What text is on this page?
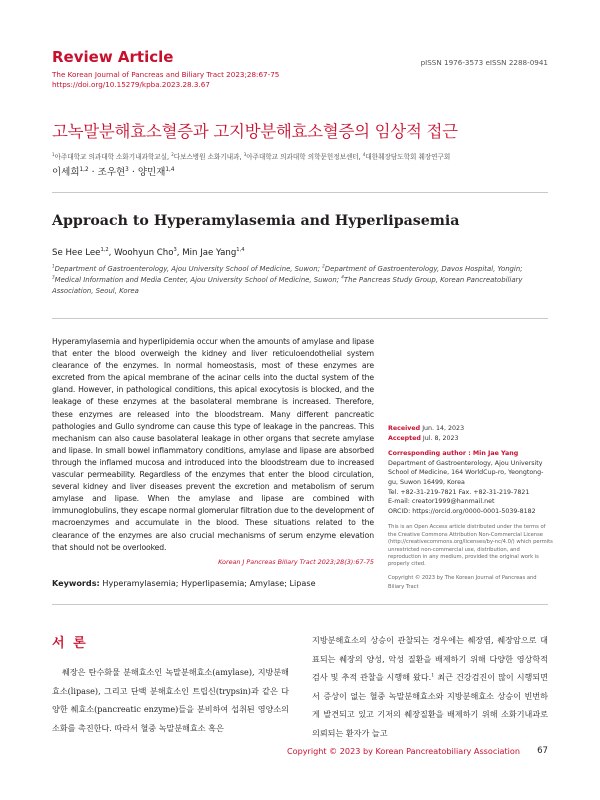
Review Article
The Korean Journal of Pancreas and Biliary Tract 2023;28:67-75
https://doi.org/10.15279/kpba.2023.28.3.67
pISSN 1976-3573 eISSN 2288-0941
고녹말분해효소혈증과 고지방분해효소혈증의 임상적 접근
$^1$아주대학교 의과대학 소화기내과학교실, $^2$다보스병원 소화기내과, $^3$아주대학교 의과대학 의학문헌정보센터, $^4$대한췌장담도학회 췌장연구회
이세희$^{1,2}$ · 조우현$^3$ · 양민재$^{1,4}$
Approach to Hyperamylasemia and Hyperlipasemia
Se Hee Lee$^{1,2}$, Woohyun Cho$^3$, Min Jae Yang$^{1,4}$
$^1$Department of Gastroenterology, Ajou University School of Medicine, Suwon; $^2$Department of Gastroenterology, Davos Hospital, Yongin; $^3$Medical Information and Media Center, Ajou University School of Medicine, Suwon; $^4$The Pancreas Study Group, Korean Pancreatobiliary Association, Seoul, Korea
Hyperamylasemia and hyperlipidemia occur when the amounts of amylase and lipase that enter the blood overweigh the kidney and liver reticuloendothelial system clearance of the enzymes. In normal homeostasis, most of these enzymes are excreted from the apical membrane of the acinar cells into the ductal system of the gland. However, in pathological conditions, this apical exocytosis is blocked, and the leakage of these enzymes at the basolateral membrane is increased. Therefore, these enzymes are released into the bloodstream. Many different pancreatic pathologies and Gullo syndrome can cause this type of leakage in the pancreas. This mechanism can also cause basolateral leakage in other organs that secrete amylase and lipase. In small bowel inflammatory conditions, amylase and lipase are absorbed through the inflamed mucosa and introduced into the bloodstream due to increased vascular permeability. Regardless of the enzymes that enter the blood circulation, several kidney and liver diseases prevent the excretion and metabolism of serum amylase and lipase. When the amylase and lipase are combined with immunoglobulins, they escape normal glomerular filtration due to the development of macroenzymes and accumulate in the blood. These situations related to the clearance of the enzymes are also crucial mechanisms of serum enzyme elevation that should not be overlooked.
Korean J Pancreas Biliary Tract 2023;28(3):67-75
Keywords: Hyperamylasemia; Hyperlipasemia; Amylase; Lipase
Received Jun. 14, 2023
Accepted Jul. 8, 2023
Corresponding author : Min Jae Yang
Department of Gastroenterology, Ajou University
School of Medicine, 164 WorldCup-ro, Yeongtong-
gu, Suwon 16499, Korea
Tel. +82-31-219-7821 Fax. +82-31-219-7821
E-mail: creator1999@hanmail.net
ORCID: https://orcid.org/0000-0001-5039-8182
This is an Open Access article distributed under the terms of the Creative Commons Attribution Non-Commercial License (http://creativecommons.org/licenses/by-nc/4.0/) which permits unrestricted non-commercial use, distribution, and reproduction in any medium, provided the original work is properly cited.
Copyright © 2023 by The Korean Journal of Pancreas and Biliary Tract
서 론
췌장은 탄수화물 분해효소인 녹말분해효소(amylase), 지방분해효소(lipase), 그리고 단백 분해효소인 트립신(trypsin)과 같은 다양한 췌효소(pancreatic enzyme)들을 분비하여 섭취된 영양소의 소화를 촉진한다. 따라서 혈중 녹말분해효소 혹은
지방분해효소의 상승이 관찰되는 경우에는 췌장염, 췌장암으로 대표되는 췌장의 양성, 악성 질환을 배제하기 위해 다양한 영상학적 검사 및 추적 관찰을 시행해 왔다.$^1$ 최근 건강검진이 많이 시행되면서 증상이 없는 혈중 녹말분해효소와 지방분해효소 상승이 빈번하게 발견되고 있고 기저의 췌장질환을 배제하기 위해 소화기내과로 의뢰되는 환자가 늘고
Copyright © 2023 by Korean Pancreatobiliary Association 67
